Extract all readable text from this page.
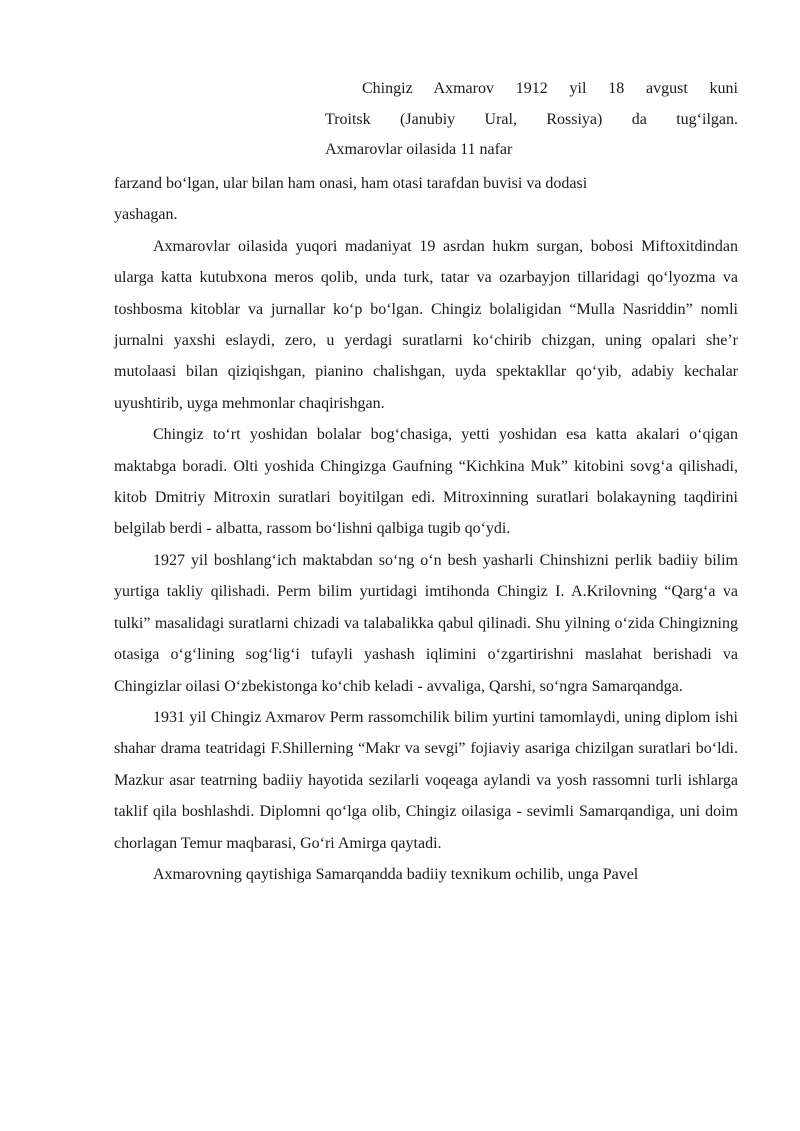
Chingiz Axmarov 1912 yil 18 avgust kuni
Troitsk (Janubiy Ural, Rossiya) da tug‘ilgan.
Axmarovlar oilasida 11 nafar
farzand bo‘lgan, ular bilan ham onasi, ham otasi tarafdan buvisi va dodasi
yashagan.

Axmarovlar oilasida yuqori madaniyat 19 asrdan hukm surgan, bobosi Miftoxitdindan ularga katta kutubxona meros qolib, unda turk, tatar va ozarbayjon tillaridagi qo‘lyozma va toshbosma kitoblar va jurnallar ko‘p bo‘lgan. Chingiz bolaligidan “Mulla Nasriddin” nomli jurnalni yaxshi eslaydi, zero, u yerdagi suratlarni ko‘chirib chizgan, uning opalari she’r mutolaasi bilan qiziqishgan, pianino chalishgan, uyda spektakllar qo‘yib, adabiy kechalar uyushtirib, uyga mehmonlar chaqirishgan.

Chingiz to‘rt yoshidan bolalar bog‘chasiga, yetti yoshidan esa katta akalari o‘qigan maktabga boradi. Olti yoshida Chingizga Gaufning “Kichkina Muk” kitobini sovg‘a qilishadi, kitob Dmitriy Mitroxin suratlari boyitilgan edi. Mitroxinning suratlari bolakayning taqdirini belgilab berdi - albatta, rassom bo‘lishni qalbiga tugib qo‘ydi.

1927 yil boshlang‘ich maktabdan so‘ng o‘n besh yasharli Chinshizni perlik badiiy bilim yurtiga takliy qilishadi. Perm bilim yurtidagi imtihonda Chingiz I. A.Krilovning “Qarg‘a va tulki” masalidagi suratlarni chizadi va talabalikka qabul qilinadi. Shu yilning o‘zida Chingizning otasiga o‘g‘lining sog‘lig‘i tufayli yashash iqlimini o‘zgartirishni maslahat berishadi va Chingizlar oilasi O‘zbekistonga ko‘chib keladi - avvaliga, Qarshi, so‘ngra Samarqandga.

1931 yil Chingiz Axmarov Perm rassomchilik bilim yurtini tamomlaydi, uning diplom ishi shahar drama teatridagi F.Shillerning “Makr va sevgi” fojiaviy asariga chizilgan suratlari bo‘ldi. Mazkur asar teatrning badiiy hayotida sezilarli voqeaga aylandi va yosh rassomni turli ishlarga taklif qila boshlashdi. Diplomni qo‘lga olib, Chingiz oilasiga - sevimli Samarqandiga, uni doim chorlagan Temur maqbarasi, Go‘ri Amirga qaytadi.

Axmarovning qaytishiga Samarqandda badiiy texnikum ochilib, unga Pavel
